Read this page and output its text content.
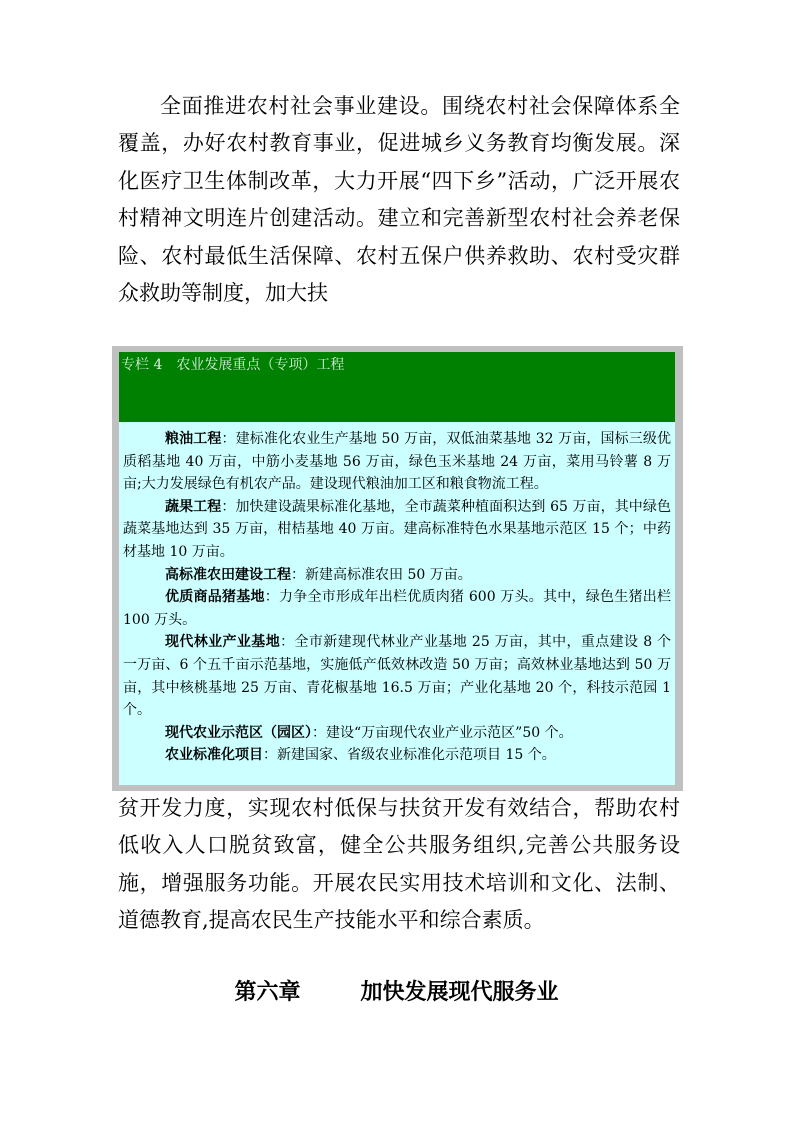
全面推进农村社会事业建设。围绕农村社会保障体系全覆盖，办好农村教育事业，促进城乡义务教育均衡发展。深化医疗卫生体制改革，大力开展“四下乡”活动，广泛开展农村精神文明连片创建活动。建立和完善新型农村社会养老保险、农村最低生活保障、农村五保户供养救助、农村受灾群众救助等制度，加大扶

专栏 4　农业发展重点（专项）工程

粮油工程：建标准化农业生产基地 50 万亩，双低油菜基地 32 万亩，国标三级优质稻基地 40 万亩，中筋小麦基地 56 万亩，绿色玉米基地 24 万亩，菜用马铃薯 8 万亩;大力发展绿色有机农产品。建设现代粮油加工区和粮食物流工程。

蔬果工程：加快建设蔬果标准化基地，全市蔬菜种植面积达到 65 万亩，其中绿色蔬菜基地达到 35 万亩，柑桔基地 40 万亩。建高标准特色水果基地示范区 15 个；中药材基地 10 万亩。

高标准农田建设工程：新建高标准农田 50 万亩。

优质商品猪基地：力争全市形成年出栏优质肉猪 600 万头。其中，绿色生猪出栏 100 万头。

现代林业产业基地：全市新建现代林业产业基地 25 万亩，其中，重点建设 8 个一万亩、6 个五千亩示范基地，实施低产低效林改造 50 万亩；高效林业基地达到 50 万亩，其中核桃基地 25 万亩、青花椒基地 16.5 万亩；产业化基地 20 个，科技示范园 1 个。

现代农业示范区（园区）：建设“万亩现代农业产业示范区”50 个。

农业标准化项目：新建国家、省级农业标准化示范项目 15 个。

贫开发力度，实现农村低保与扶贫开发有效结合，帮助农村低收入人口脱贫致富，健全公共服务组织,完善公共服务设施，增强服务功能。开展农民实用技术培训和文化、法制、道德教育,提高农民生产技能水平和综合素质。

第六章	加快发展现代服务业
